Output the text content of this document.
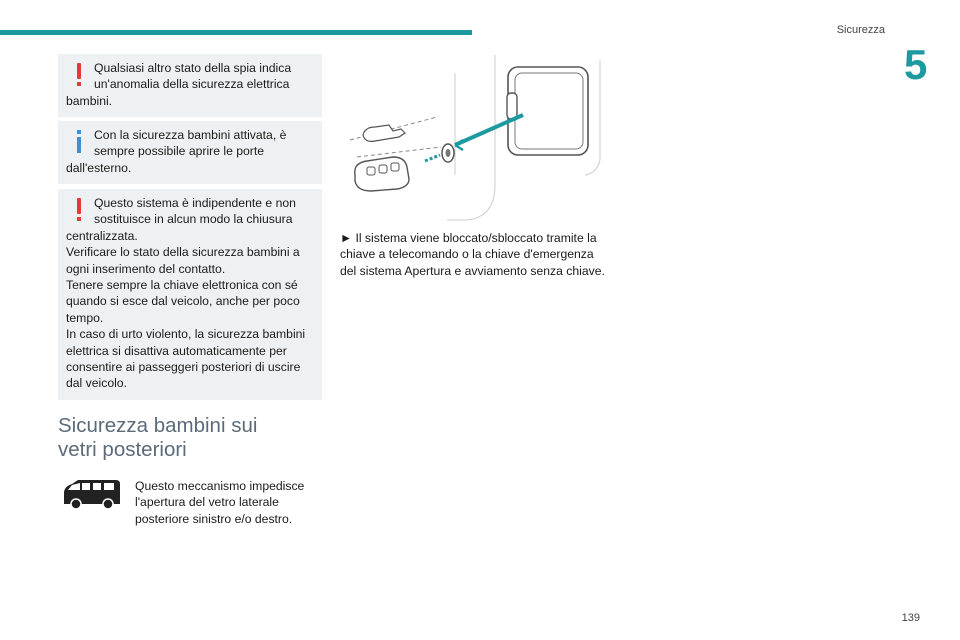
Sicurezza
5

Qualsiasi altro stato della spia indica un'anomalia della sicurezza elettrica bambini.

Con la sicurezza bambini attivata, è sempre possibile aprire le porte dall'esterno.

Questo sistema è indipendente e non sostituisce in alcun modo la chiusura centralizzata.

Verificare lo stato della sicurezza bambini a ogni inserimento del contatto.

Tenere sempre la chiave elettronica con sé quando si esce dal veicolo, anche per poco tempo.

In caso di urto violento, la sicurezza bambini elettrica si disattiva automaticamente per consentire ai passeggeri posteriori di uscire dal veicolo.

Sicurezza bambini sui
vetri posteriori
Questo meccanismo impedisce l'apertura del vetro laterale posteriore sinistro e/o destro.
► Il sistema viene bloccato/sbloccato tramite la chiave a telecomando o la chiave d'emergenza del sistema Apertura e avviamento senza chiave.
139
